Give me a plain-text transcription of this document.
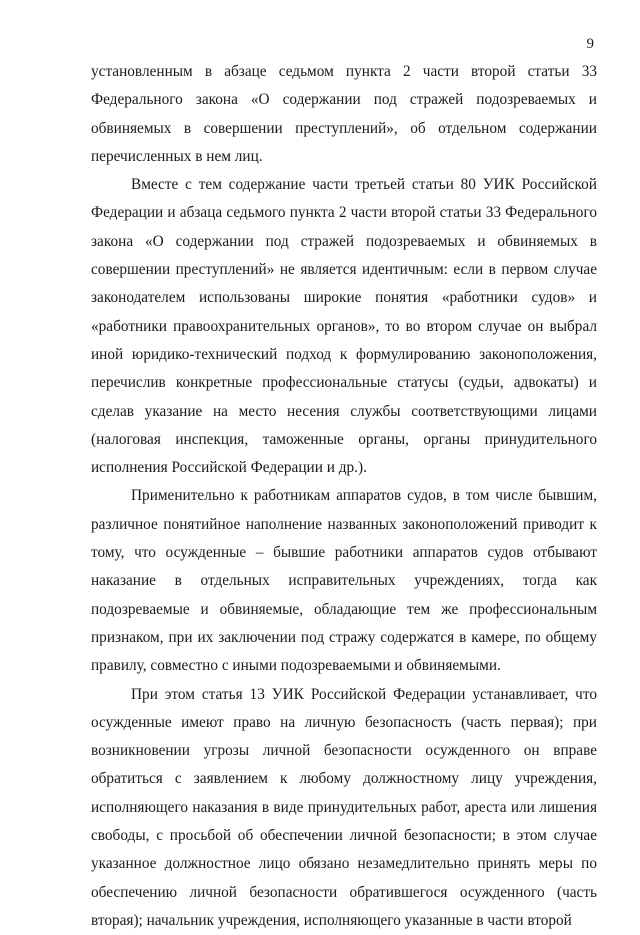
9

установленным в абзаце седьмом пункта 2 части второй статьи 33 Федерального закона «О содержании под стражей подозреваемых и обвиняемых в совершении преступлений», об отдельном содержании перечисленных в нем лиц.

Вместе с тем содержание части третьей статьи 80 УИК Российской Федерации и абзаца седьмого пункта 2 части второй статьи 33 Федерального закона «О содержании под стражей подозреваемых и обвиняемых в совершении преступлений» не является идентичным: если в первом случае законодателем использованы широкие понятия «работники судов» и «работники правоохранительных органов», то во втором случае он выбрал иной юридико-технический подход к формулированию законоположения, перечислив конкретные профессиональные статусы (судьи, адвокаты) и сделав указание на место несения службы соответствующими лицами (налоговая инспекция, таможенные органы, органы принудительного исполнения Российской Федерации и др.).

Применительно к работникам аппаратов судов, в том числе бывшим, различное понятийное наполнение названных законоположений приводит к тому, что осужденные – бывшие работники аппаратов судов отбывают наказание в отдельных исправительных учреждениях, тогда как подозреваемые и обвиняемые, обладающие тем же профессиональным признаком, при их заключении под стражу содержатся в камере, по общему правилу, совместно с иными подозреваемыми и обвиняемыми.

При этом статья 13 УИК Российской Федерации устанавливает, что осужденные имеют право на личную безопасность (часть первая); при возникновении угрозы личной безопасности осужденного он вправе обратиться с заявлением к любому должностному лицу учреждения, исполняющего наказания в виде принудительных работ, ареста или лишения свободы, с просьбой об обеспечении личной безопасности; в этом случае указанное должностное лицо обязано незамедлительно принять меры по обеспечению личной безопасности обратившегося осужденного (часть вторая); начальник учреждения, исполняющего указанные в части второй
